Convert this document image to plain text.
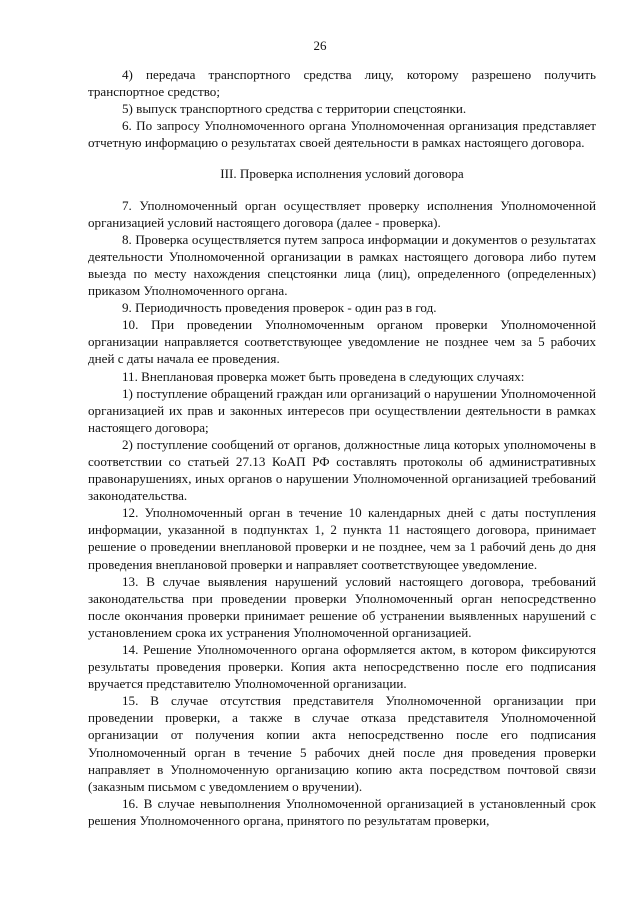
26

4) передача транспортного средства лицу, которому разрешено получить транспортное средство;

5) выпуск транспортного средства с территории спецстоянки.

6. По запросу Уполномоченного органа Уполномоченная организация представляет отчетную информацию о результатах своей деятельности в рамках настоящего договора.

III. Проверка исполнения условий договора

7. Уполномоченный орган осуществляет проверку исполнения Уполномоченной организацией условий настоящего договора (далее - проверка).

8. Проверка осуществляется путем запроса информации и документов о результатах деятельности Уполномоченной организации в рамках настоящего договора либо путем выезда по месту нахождения спецстоянки лица (лиц), определенного (определенных) приказом Уполномоченного органа.

9. Периодичность проведения проверок - один раз в год.

10. При проведении Уполномоченным органом проверки Уполномоченной организации направляется соответствующее уведомление не позднее чем за 5 рабочих дней с даты начала ее проведения.

11. Внеплановая проверка может быть проведена в следующих случаях:

1) поступление обращений граждан или организаций о нарушении Уполномоченной организацией их прав и законных интересов при осуществлении деятельности в рамках настоящего договора;

2) поступление сообщений от органов, должностные лица которых уполномочены в соответствии со статьей 27.13 КоАП РФ составлять протоколы об административных правонарушениях, иных органов о нарушении Уполномоченной организацией требований законодательства.

12. Уполномоченный орган в течение 10 календарных дней с даты поступления информации, указанной в подпунктах 1, 2 пункта 11 настоящего договора, принимает решение о проведении внеплановой проверки и не позднее, чем за 1 рабочий день до дня проведения внеплановой проверки и направляет соответствующее уведомление.

13. В случае выявления нарушений условий настоящего договора, требований законодательства при проведении проверки Уполномоченный орган непосредственно после окончания проверки принимает решение об устранении выявленных нарушений с установлением срока их устранения Уполномоченной организацией.

14. Решение Уполномоченного органа оформляется актом, в котором фиксируются результаты проведения проверки. Копия акта непосредственно после его подписания вручается представителю Уполномоченной организации.

15. В случае отсутствия представителя Уполномоченной организации при проведении проверки, а также в случае отказа представителя Уполномоченной организации от получения копии акта непосредственно после его подписания Уполномоченный орган в течение 5 рабочих дней после дня проведения проверки направляет в Уполномоченную организацию копию акта посредством почтовой связи (заказным письмом с уведомлением о вручении).

16. В случае невыполнения Уполномоченной организацией в установленный срок решения Уполномоченного органа, принятого по результатам проверки,
